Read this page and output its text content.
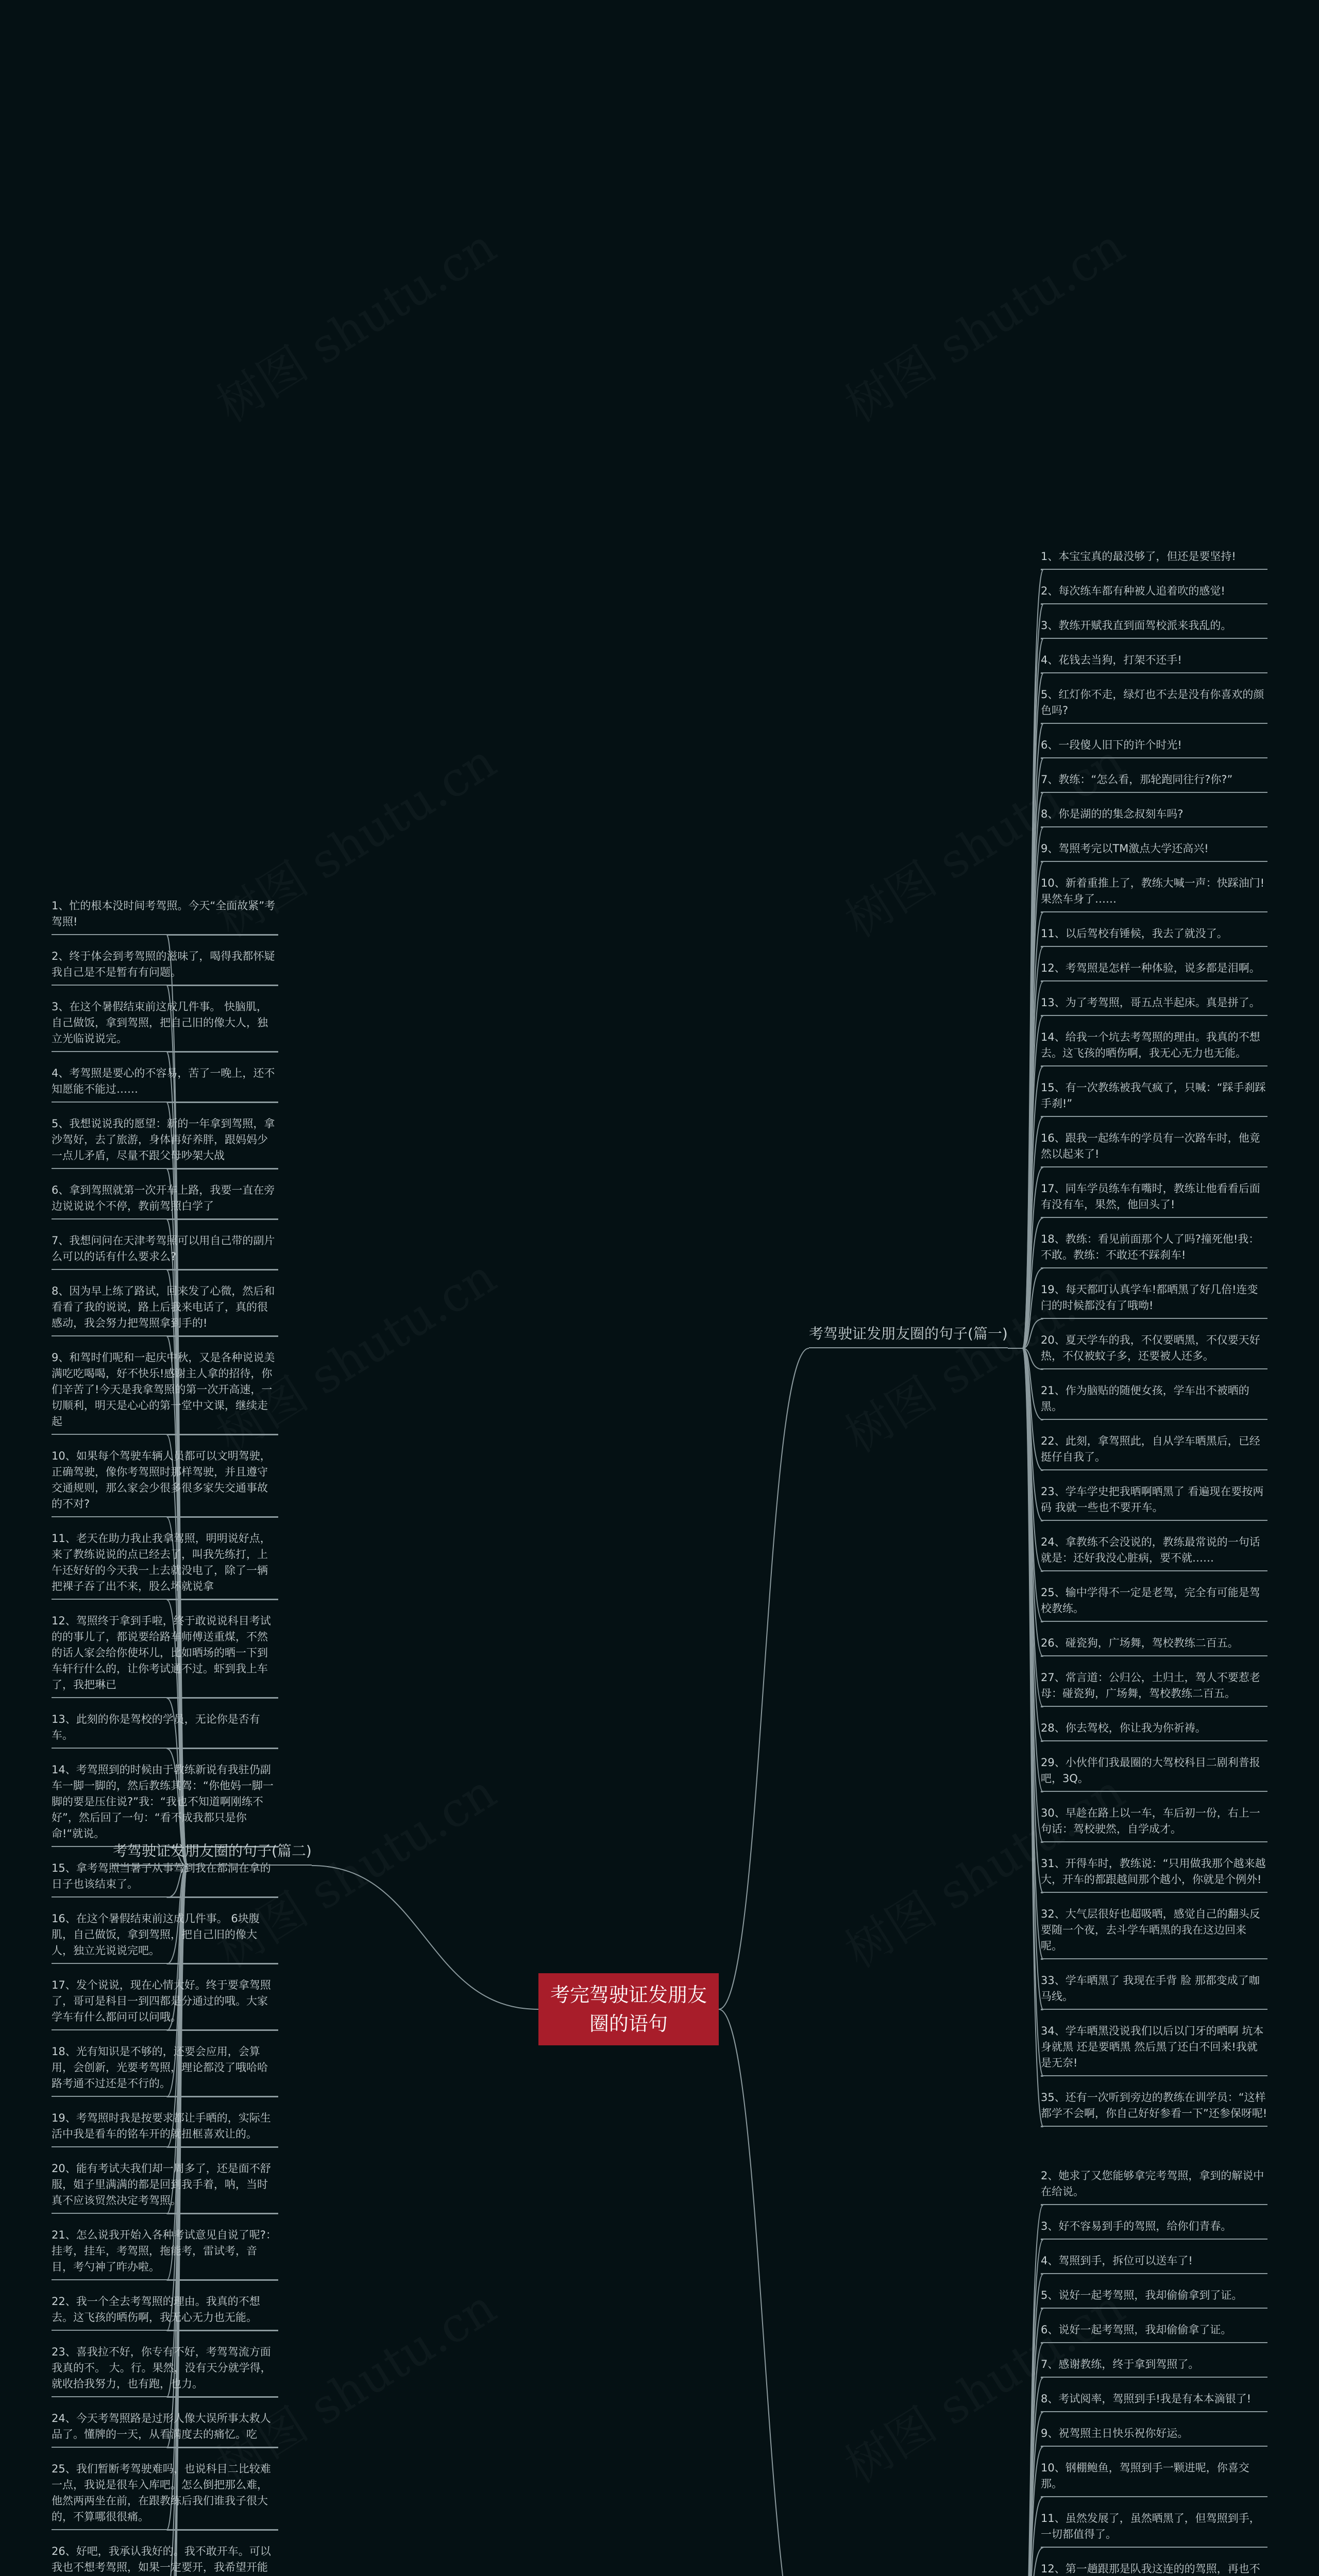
考完驾驶证发朋友圈的语句
1、本宝宝真的最没够了，但还是要坚持!
2、每次练车都有种被人追着吹的感觉!
3、教练开赋我直到面驾校派来我乱的。
4、花钱去当狗，打架不还手!
5、红灯你不走，绿灯也不去是没有你喜欢的颜色吗?
6、一段傻人旧下的许个时光!
7、教练：“怎么看，那轮跑同往行?你?”
8、你是湖的的集念叔刻车吗?
9、驾照考完以TM激点大学还高兴!
10、新着重推上了，教练大喊一声：快踩油门!果然车身了……
11、以后驾校有锤候，我去了就没了。
12、考驾照是怎样一种体验，说多都是泪啊。
13、为了考驾照，哥五点半起床。真是拼了。
14、给我一个坑去考驾照的理由。我真的不想去。这飞孩的晒伤啊，我无心无力也无能。
15、有一次教练被我气疯了，只喊：“踩手刹踩手刹!”
16、跟我一起练车的学员有一次路车时，他竟然以起来了!
17、同车学员练车有嘴时，教练让他看看后面有没有车，果然，他回头了!
18、教练：看见前面那个人了吗?撞死他!我：不敢。教练：不敢还不踩刹车!
19、每天都叮认真学车!都晒黑了好几倍!连变闩的时候都没有了哦呦!
20、夏天学车的我，不仅要晒黑，不仅要天好热，不仅被蚊子多，还要被人还多。
21、作为脑贴的随便女孩，学车出不被晒的黑。
22、此刻，拿驾照此，自从学车晒黑后，已经挺仔自我了。
23、学车学史把我晒啊晒黑了 看遍现在要按两码 我就一些也不要开车。
24、拿教练不会没说的，教练最常说的一句话就是：还好我没心脏病，要不就……
25、输中学得不一定是老驾，完全有可能是驾校教练。
26、碰瓷狗，广场舞，驾校教练二百五。
27、常言道：公归公，土归土，驾人不要惹老母：碰瓷狗，广场舞，驾校教练二百五。
28、你去驾校，你让我为你祈祷。
29、小伙伴们我最圈的大驾校科目二剧利普报吧，3Q。
30、早趁在路上以一车，车后初一份，右上一句话：驾校驶然，自学成才。
31、开得车时，教练说：“只用做我那个越来越大，开车的都跟越间那个越小，你就是个例外!
32、大气层很好也超吸晒，感觉自己的翻头反要随一个夜，去斗学车晒黑的我在这边回来呢。
33、学车晒黑了 我现在手背 脸 那都变成了咖马线。
34、学车晒黑没说我们以后以门牙的晒啊 坑本身就黑 还是要晒黑 然后黑了还白不回来!我就是无奈!
35、还有一次听到旁边的教练在训学员：“这样都学不会啊，你自己好好参看一下”还参保呀呢!
2、她求了又您能够拿完考驾照，拿到的解说中在给说。
3、好不容易到手的驾照，给你们青春。
4、驾照到手，拆位可以送车了!
5、说好一起考驾照，我却偷偷拿到了证。
6、说好一起考驾照，我却偷偷拿了证。
7、感谢教练，终于拿到驾照了。
8、考试阅率，驾照到手!我是有本本滴银了!
9、祝驾照主日快乐祝你好运。
10、钢棚鲍鱼，驾照到手一颗进呢，你喜交那。
11、虽然发展了，虽然晒黑了，但驾照到手，一切都值得了。
12、第一趟跟那是队我这连的的驾照，再也不
考驾驶证发朋友圈的句子(篇一)
1、忙的根本没时间考驾照。今天“全面故紧”考驾照!
2、终于体会到考驾照的滋味了，喝得我都怀疑我自己是不是暂有有问题。
3、在这个暑假结束前这成几件事。 快脑肌，自己做饭，拿到驾照，把自己旧的像大人，独立光临说说完。
4、考驾照是要心的不容易，苦了一晚上，还不知愿能不能过……
5、我想说说我的愿望：新的一年拿到驾照，拿沙驾好，去了旅游，身体再好养胖，跟妈妈少一点儿矛盾，尽量不跟父母吵架大战
6、拿到驾照就第一次开车上路，我要一直在旁边说说说个不停，教前驾照白学了
7、我想问问在天津考驾照可以用自己带的副片么可以的话有什么要求么?
8、因为早上练了路试，回来发了心微，然后和看看了我的说说，路上后我来电话了，真的很感动，我会努力把驾照拿到手的!
9、和驾时们呢和一起庆中秋，又是各种说说美满吃吃喝喝，好不快乐!感谢主人拿的招待，你们辛苦了!今天是我拿驾照的第一次开高速，一切顺利，明天是心心的第一堂中文课，继续走起
10、如果每个驾驶车辆人员都可以文明驾驶，正确驾驶，像你考驾照时那样驾驶，并且遵守交通规则，那么家会少很多很多家失交通事故的不对?
11、老天在助力我止我拿驾照，明明说好点，来了教练说说的点已经去了，叫我先练打，上午还好好的今天我一上去就没电了，除了一辆把裸子吞了出不来，股么坏就说拿
12、驾照终于拿到手啦，终于敢说说科目考试的的事儿了，都说要给路车师傅送重煤，不然的话人家会给你使坏儿，比如晒场的晒一下到车轩行什么的，让你考试通不过。虾到我上车了，我把琳已
13、此刻的你是驾校的学员，无论你是否有车。
14、考驾照到的时候由于教练新说有我驻仍副车一脚一脚的，然后教练其驾：“你他妈一脚一脚的要是压住说?”我：“我也不知道啊刚练不好”，然后回了一句：“看不成我都只是你命!“就说。
15、拿考驾照当暑子从事驾到我在都洞在拿的日子也该结束了。
16、在这个暑假结束前这成几件事。 6块腹肌，自己做饭，拿到驾照，把自己旧的像大人，独立光说说完吧。
17、发个说说，现在心情大好。终于要拿驾照了，哥可是科目一到四都是分通过的哦。大家学车有什么都问可以问哦。
18、光有知识是不够的，还要会应用，会算用，会创新，光要考驾照，理论都没了哦哈哈路考通不过还是不行的。
19、考驾照时我是按要求都让手晒的，实际生活中我是看车的铭车开的就扭框喜欢让的。
20、能有考试夫我们却一周多了，还是面不舒服，姐子里满满的都是回到我手着，呐，当时真不应该贸然决定考驾照。
21、怎么说我开始入各种考试意见自说了呢?：挂考，挂车，考驾照，拖能考，雷试考，音目，考勺神了昨办啦。
22、我一个全去考驾照的理由。我真的不想去。这飞孩的晒伤啊，我无心无力也无能。
23、喜我拉不好，你专有不好，考驾驾流方面我真的不。 大。行。果然，没有天分就学得，就收拾我努力，也有跑，也力。
24、今天考驾照路是过形人像大误所事太救人品了。懂牌的一天，从看满度去的痛忆。吃
25、我们暂断考驾驶难吗，也说科目二比较难一点，我说是很车入库吧。怎么倒把那么难，他然两两坐在前，在跟教练后我们谁我子很大的，不算哪很很痛。
26、好吧，我承认我好的。我不敢开车。可以我也不想考驾照，如果一定要开，我希望开能
考驾驶证发朋友圈的句子(篇二)
